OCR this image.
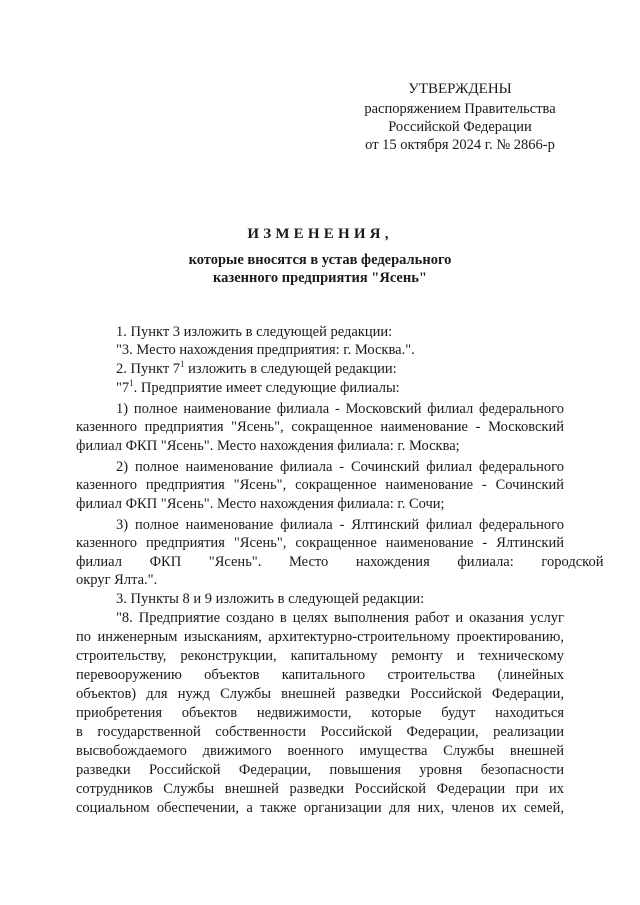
УТВЕРЖДЕНЫ
распоряжением Правительства
Российской Федерации
от 15 октября 2024 г. № 2866-р
ИЗМЕНЕНИЯ,
которые вносятся в устав федерального
казенного предприятия "Ясень"
1. Пункт 3 изложить в следующей редакции:
"3. Место нахождения предприятия: г. Москва.".
2. Пункт $7^1$ изложить в следующей редакции:
"$7^1$. Предприятие имеет следующие филиалы:
1) полное наименование филиала - Московский филиал федерального
казенного предприятия "Ясень", сокращенное наименование - Московский
филиал ФКП "Ясень". Место нахождения филиала: г. Москва;
2) полное наименование филиала - Сочинский филиал федерального
казенного предприятия "Ясень", сокращенное наименование - Сочинский
филиал ФКП "Ясень". Место нахождения филиала: г. Сочи;
3) полное наименование филиала - Ялтинский филиал федерального
казенного предприятия "Ясень", сокращенное наименование - Ялтинский
филиал ФКП "Ясень". Место нахождения филиала: городской
округ Ялта.".
3. Пункты 8 и 9 изложить в следующей редакции:
"8. Предприятие создано в целях выполнения работ и оказания услуг
по инженерным изысканиям, архитектурно-строительному проектированию,
строительству, реконструкции, капитальному ремонту и техническому
перевооружению объектов капитального строительства (линейных
объектов) для нужд Службы внешней разведки Российской Федерации,
приобретения объектов недвижимости, которые будут находиться
в государственной собственности Российской Федерации, реализации
высвобождаемого движимого военного имущества Службы внешней
разведки Российской Федерации, повышения уровня безопасности
сотрудников Службы внешней разведки Российской Федерации при их
социальном обеспечении, а также организации для них, членов их семей,
